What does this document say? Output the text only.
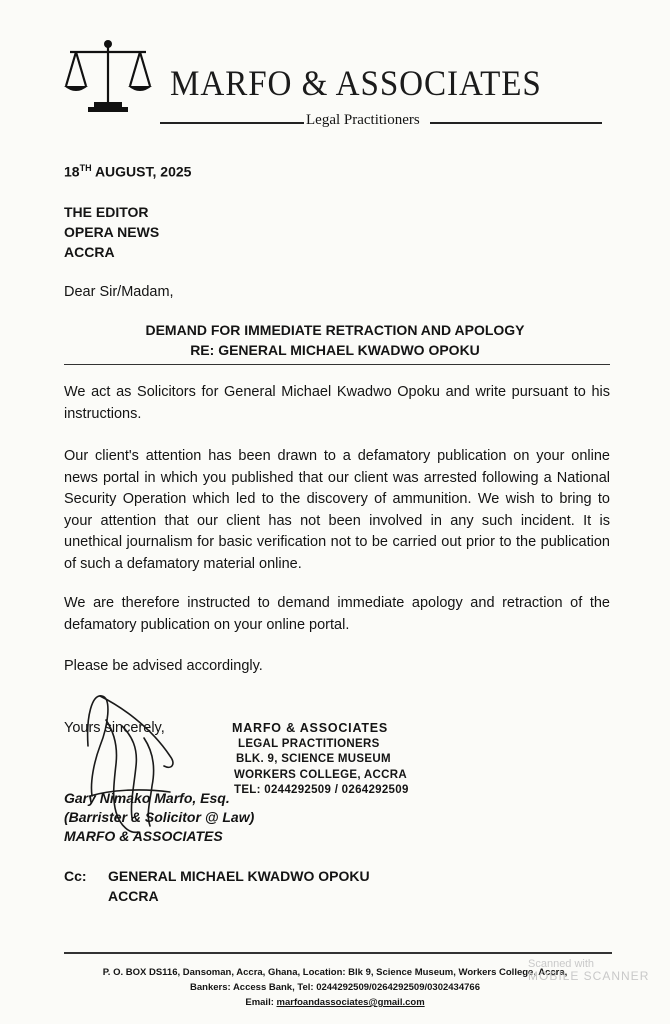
MARFO & ASSOCIATES
Legal Practitioners
18TH AUGUST, 2025
THE EDITOR
OPERA NEWS
ACCRA
Dear Sir/Madam,
DEMAND FOR IMMEDIATE RETRACTION AND APOLOGY
RE: GENERAL MICHAEL KWADWO OPOKU
We act as Solicitors for General Michael Kwadwo Opoku and write pursuant to his instructions.
Our client's attention has been drawn to a defamatory publication on your online news portal in which you published that our client was arrested following a National Security Operation which led to the discovery of ammunition. We wish to bring to your attention that our client has not been involved in any such incident. It is unethical journalism for basic verification not to be carried out prior to the publication of such a defamatory material online.
We are therefore instructed to demand immediate apology and retraction of the defamatory publication on your online portal.
Please be advised accordingly.
Yours sincerely,	MARFO & ASSOCIATES
LEGAL PRACTITIONERS
BLK. 9, SCIENCE MUSEUM
WORKERS COLLEGE, ACCRA
TEL: 0244292509 / 0264292509
Gary Nimako Marfo, Esq.
(Barrister & Solicitor @ Law)
MARFO & ASSOCIATES
Cc: GENERAL MICHAEL KWADWO OPOKU
ACCRA
P. O. BOX DS116, Dansoman, Accra, Ghana, Location: Blk 9, Science Museum, Workers College, Accra,
Bankers: Access Bank, Tel: 0244292509/0264292509/0302434766
Email: marfoandassociates@gmail.com
Scanned with
MOBILE SCANNER
